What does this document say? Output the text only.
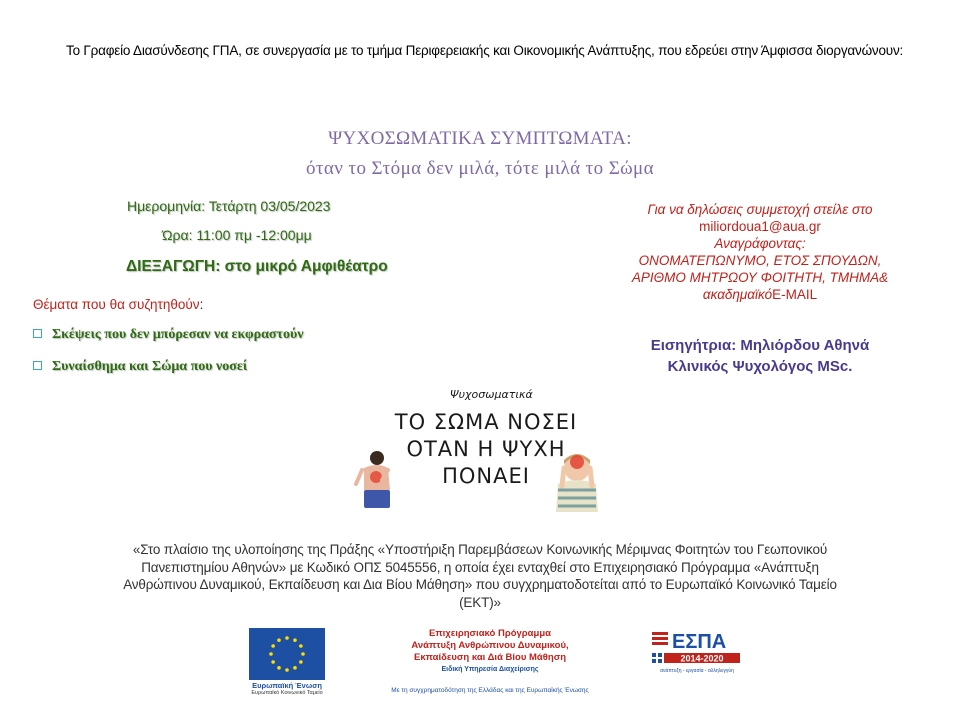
Το Γραφείο Διασύνδεσης ΓΠΑ, σε συνεργασία με το τμήμα Περιφερειακής και Οικονομικής Ανάπτυξης, που εδρεύει στην Άμφισσα διοργανώνουν:
ΨΥΧΟΣΩΜΑΤΙΚΑ ΣΥΜΠΤΩΜΑΤΑ:
όταν το Στόμα δεν μιλά, τότε μιλά το Σώμα
Ημερομηνία: Τετάρτη 03/05/2023
Ώρα: 11:00 πμ -12:00μμ
ΔΙΕΞΑΓΩΓΗ: στο μικρό Αμφιθέατρο
Θέματα που θα συζητηθούν:
Σκέψεις που δεν μπόρεσαν να εκφραστούν
Συναίσθημα και Σώμα που νοσεί
Για να δηλώσεις συμμετοχή στείλε στο
miliordoua1@aua.gr
Αναγράφοντας:
ΟΝΟΜΑΤΕΠΩΝΥΜΟ, ΕΤΟΣ ΣΠΟΥΔΩΝ,
ΑΡΙΘΜΟ ΜΗΤΡΩΟΥ ΦΟΙΤΗΤΗ, ΤΜΗΜΑ&
ακαδημαϊκόE-MAIL
Εισηγήτρια: Μηλιόρδου Αθηνά
Κλινικός Ψυχολόγος MSc.
Ψυχοσωματικά
ΤΟ ΣΩΜΑ ΝΟΣΕΙ
ΟΤΑΝ Η ΨΥΧΗ
ΠΟΝΑΕΙ
«Στο πλαίσιο της υλοποίησης της Πράξης «Υποστήριξη Παρεμβάσεων Κοινωνικής Μέριμνας Φοιτητών του Γεωπονικού Πανεπιστημίου Αθηνών» με Κωδικό ΟΠΣ 5045556, η οποία έχει ενταχθεί στο Επιχειρησιακό Πρόγραμμα «Ανάπτυξη Ανθρώπινου Δυναμικού, Εκπαίδευση και Δια Βίου Μάθηση» που συγχρηματοδοτείται από το Ευρωπαϊκό Κοινωνικό Ταμείο (ΕΚΤ)»
Ευρωπαϊκή Ένωση
Ευρωπαϊκό Κοινωνικό Ταμείο
Επιχειρησιακό Πρόγραμμα
Ανάπτυξη Ανθρώπινου Δυναμικού,
Εκπαίδευση και Διά Βίου Μάθηση
Ειδική Υπηρεσία Διαχείρισης
Με τη συγχρηματοδότηση της Ελλάδας και της Ευρωπαϊκής Ένωσης
ΕΣΠΑ
2014-2020
ανάπτυξη - εργασία - αλληλεγγύη
